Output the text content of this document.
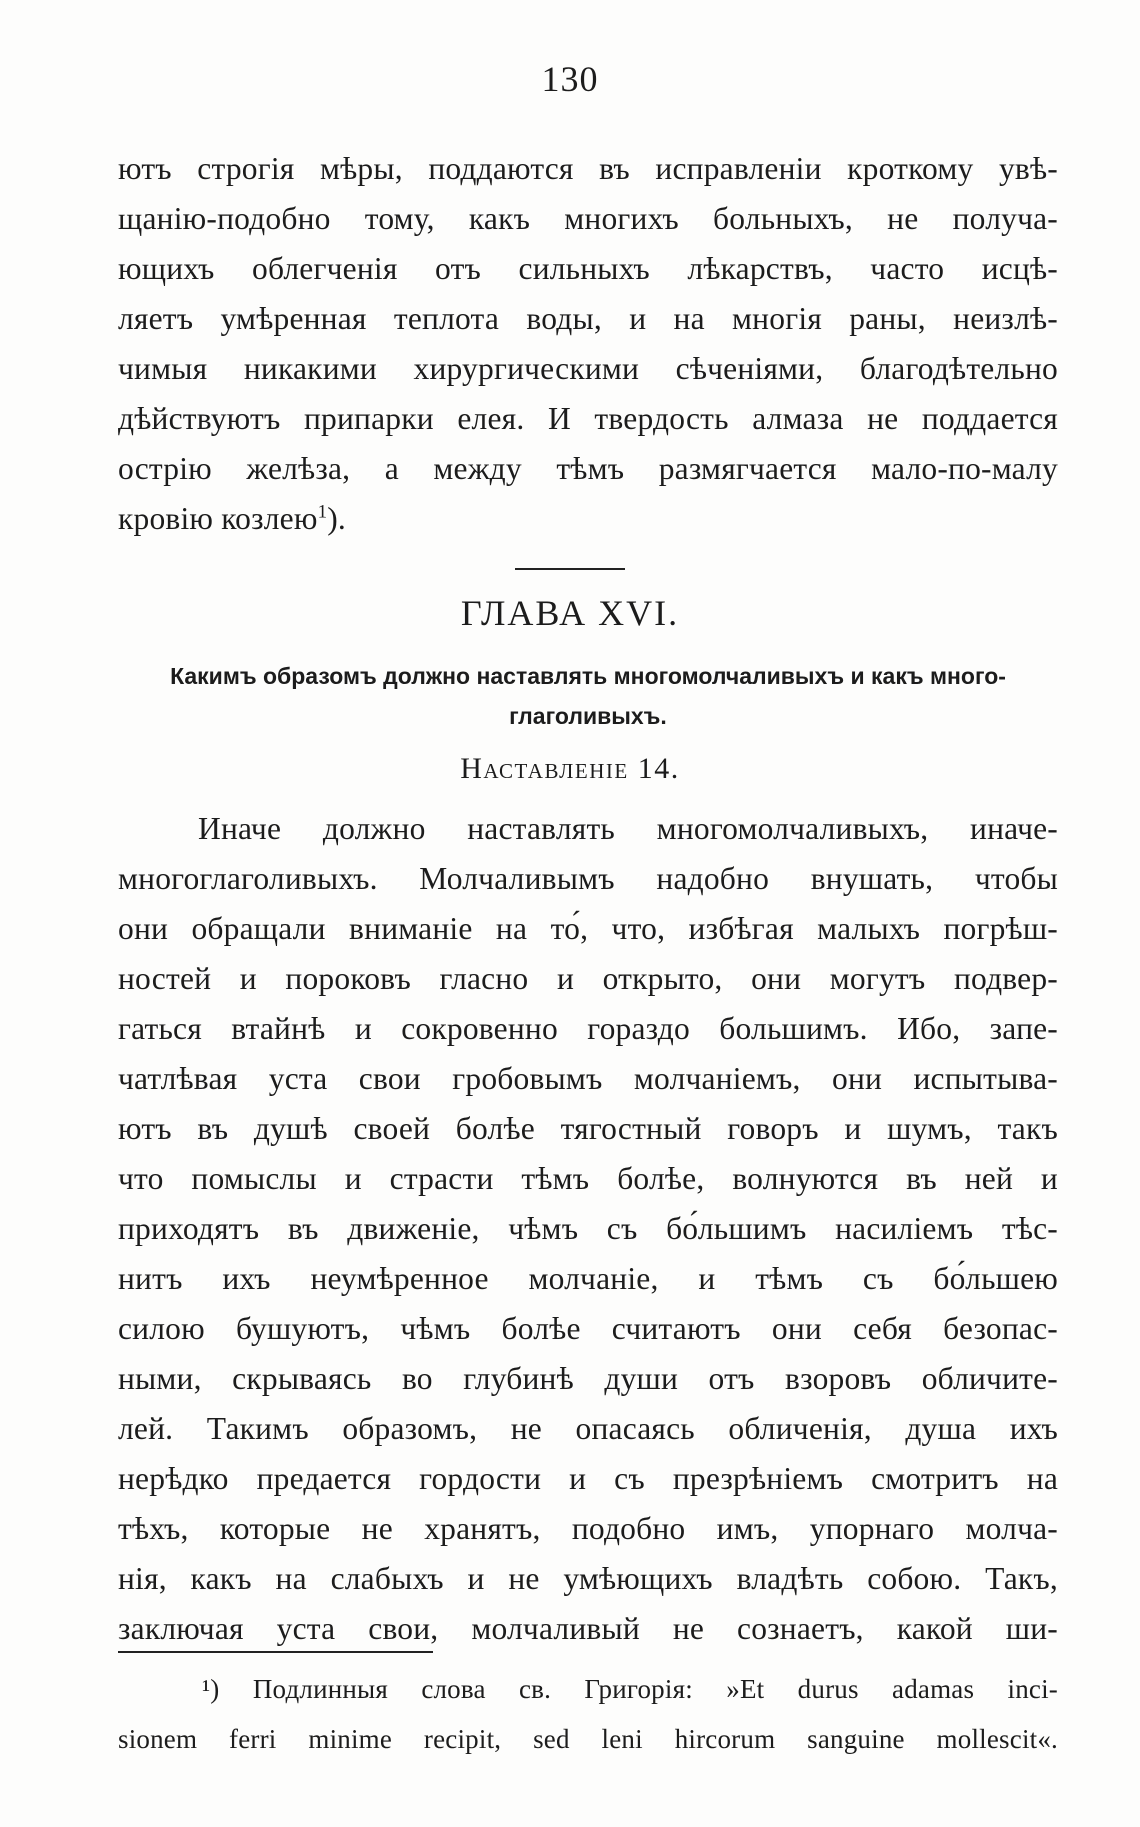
130
ютъ строгія мѣры, поддаются въ исправленіи кроткому увѣ-
щанію-подобно тому, какъ многихъ больныхъ, не получа-
ющихъ облегченія отъ сильныхъ лѣкарствъ, часто исцѣ-
ляетъ умѣренная теплота воды, и на многія раны, неизлѣ-
чимыя никакими хирургическими сѣченіями, благодѣтельно
дѣйствуютъ припарки елея. И твердость алмаза не поддается
острію желѣза, а между тѣмъ размягчается мало-по-малу
кровію козлею$^1$).
ГЛАВА XVI.
Какимъ образомъ должно наставлять многомолчаливыхъ и какъ много-
глаголивыхъ.
Наставленіе 14.
Иначе должно наставлять многомолчаливыхъ, иначе-
многоглаголивыхъ. Молчаливымъ надобно внушать, чтобы
они обращали вниманіе на то́, что, избѣгая малыхъ погрѣш-
ностей и пороковъ гласно и открыто, они могутъ подвер-
гаться втайнѣ и сокровенно гораздо большимъ. Ибо, запе-
чатлѣвая уста свои гробовымъ молчаніемъ, они испытыва-
ютъ въ душѣ своей болѣе тягостный говоръ и шумъ, такъ
что помыслы и страсти тѣмъ болѣе, волнуются въ ней и
приходятъ въ движеніе, чѣмъ съ бо́льшимъ насиліемъ тѣс-
нитъ ихъ неумѣренное молчаніе, и тѣмъ съ бо́льшею
силою бушуютъ, чѣмъ болѣе считаютъ они себя безопас-
ными, скрываясь во глубинѣ души отъ взоровъ обличите-
лей. Такимъ образомъ, не опасаясь обличенія, душа ихъ
нерѣдко предается гордости и съ презрѣніемъ смотритъ на
тѣхъ, которые не хранятъ, подобно имъ, упорнаго молча-
нія, какъ на слабыхъ и не умѣющихъ владѣть собою. Такъ,
заключая уста свои, молчаливый не сознаетъ, какой ши-
¹) Подлинныя слова св. Григорія: »Et durus adamas inci-
sionem ferri minime recipit, sed leni hircorum sanguine mollescit«.
